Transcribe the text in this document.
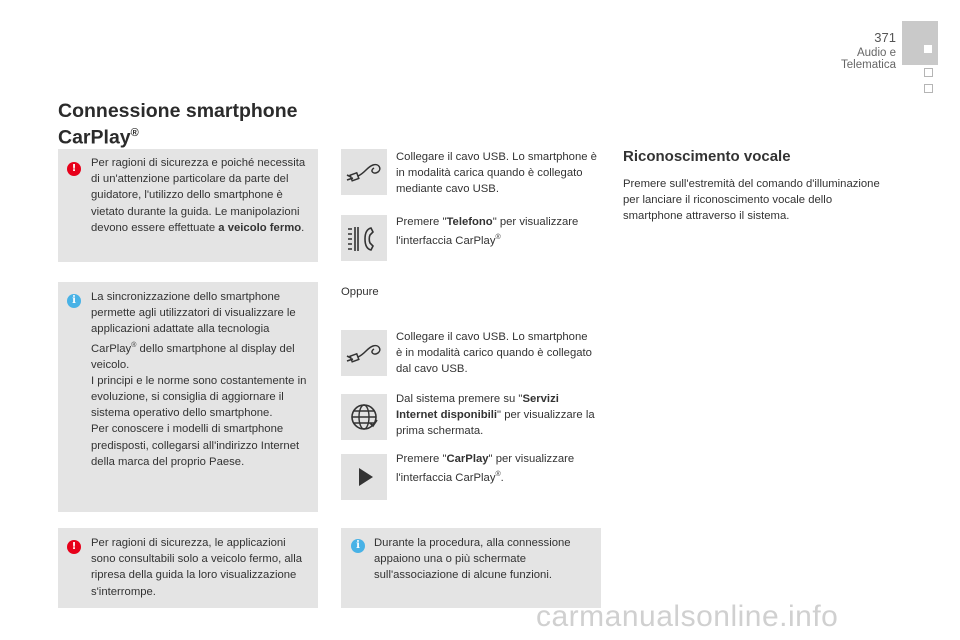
371
Audio e Telematica
Connessione smartphone
CarPlay®
!	Per ragioni di sicurezza e poiché necessita di un'attenzione particolare da parte del guidatore, l'utilizzo dello smartphone è vietato durante la guida. Le manipolazioni devono essere effettuate a veicolo fermo.
i	La sincronizzazione dello smartphone permette agli utilizzatori di visualizzare le applicazioni adattate alla tecnologia CarPlay® dello smartphone al display del veicolo.
I principi e le norme sono costantemente in evoluzione, si consiglia di aggiornare il sistema operativo dello smartphone.
Per conoscere i modelli di smartphone predisposti, collegarsi all'indirizzo Internet della marca del proprio Paese.
!	Per ragioni di sicurezza, le applicazioni sono consultabili solo a veicolo fermo, alla ripresa della guida la loro visualizzazione s'interrompe.
Collegare il cavo USB. Lo smartphone è in modalità carica quando è collegato mediante cavo USB.
Premere "Telefono" per visualizzare l'interfaccia CarPlay®
Oppure
Collegare il cavo USB. Lo smartphone è in modalità carico quando è collegato dal cavo USB.
Dal sistema premere su "Servizi Internet disponibili" per visualizzare la prima schermata.
Premere "CarPlay" per visualizzare l'interfaccia CarPlay®.
i	Durante la procedura, alla connessione appaiono una o più schermate sull'associazione di alcune funzioni.
Riconoscimento vocale
Premere sull'estremità del comando d'illuminazione per lanciare il riconoscimento vocale dello smartphone attraverso il sistema.
carmanualsonline.info
